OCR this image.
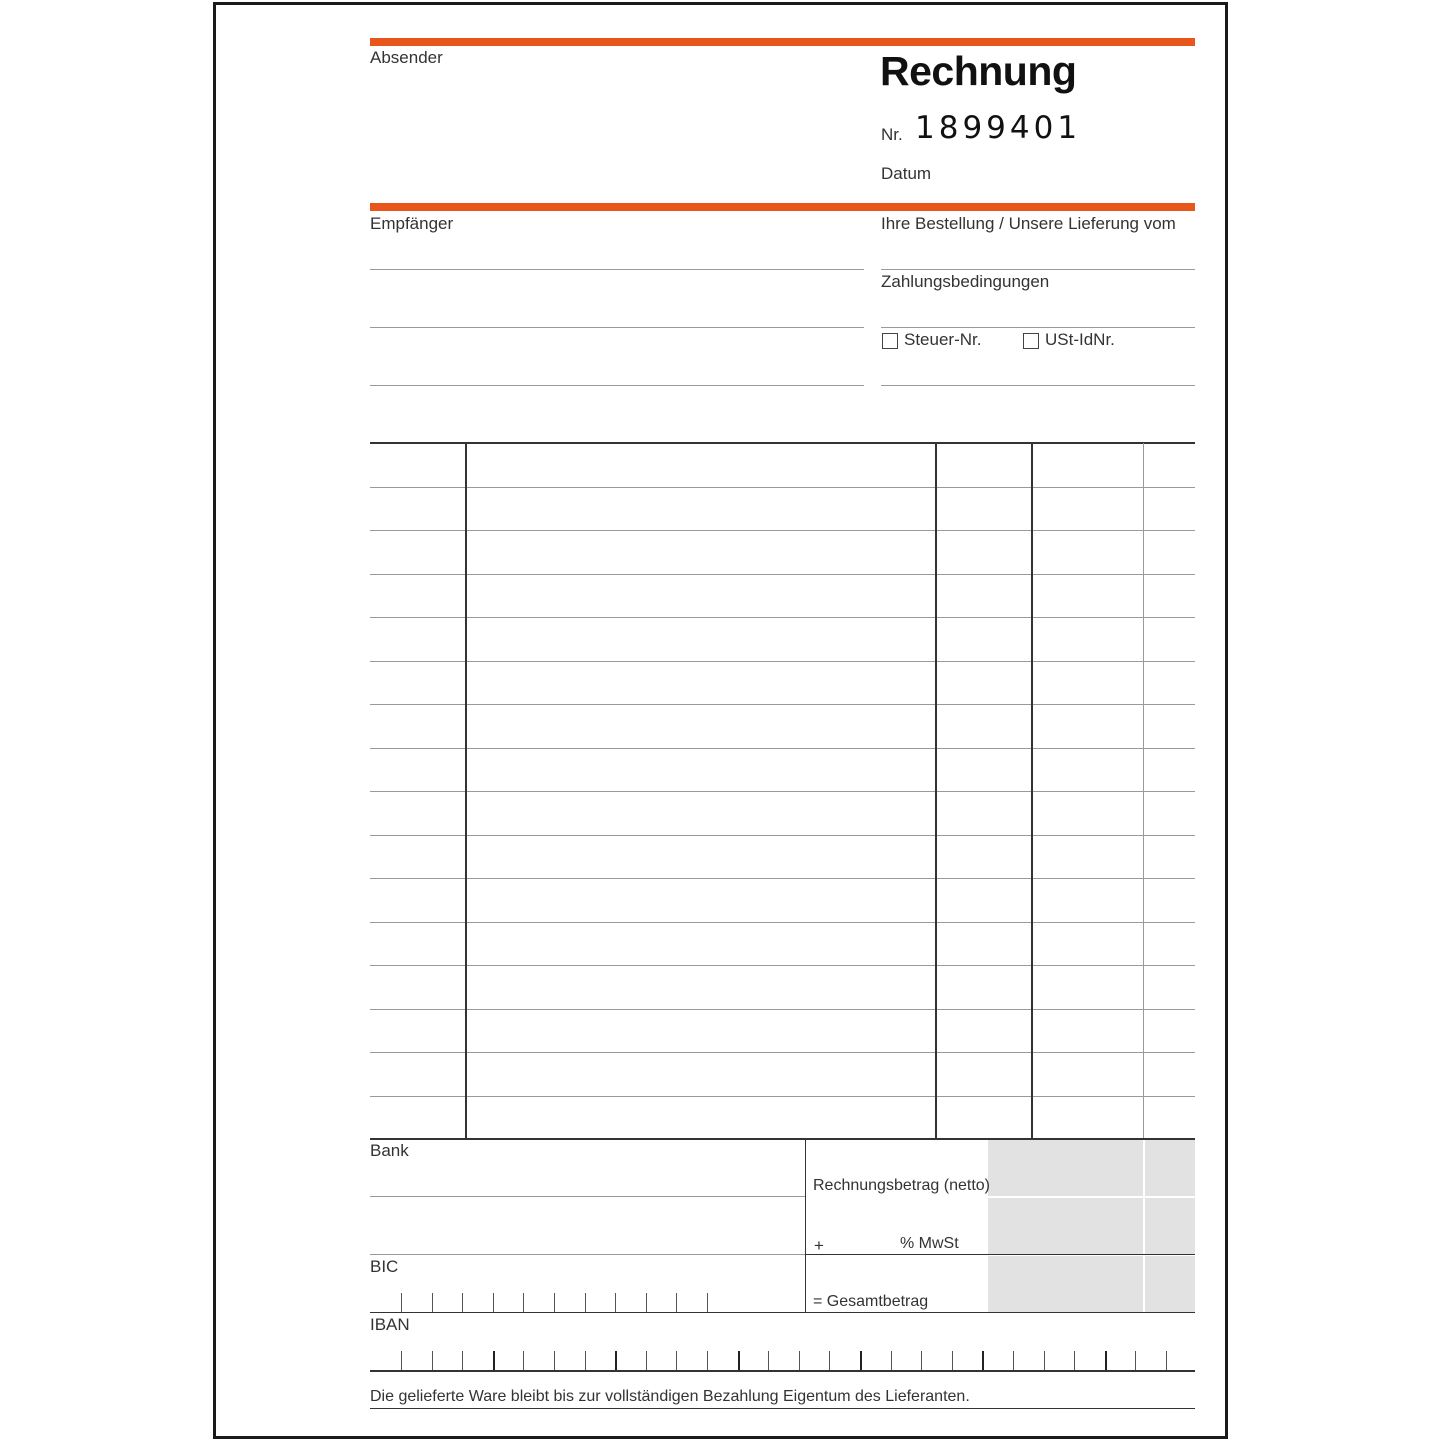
Absender	Rechnung
Nr. 1899401
Datum
Empfänger	Ihre Bestellung / Unsere Lieferung vom
Zahlungsbedingungen
Steuer-Nr.	USt-IdNr.
Bank
Rechnungsbetrag (netto)
+	% MwSt
= Gesamtbetrag
BIC
IBAN
Die gelieferte Ware bleibt bis zur vollständigen Bezahlung Eigentum des Lieferanten.
